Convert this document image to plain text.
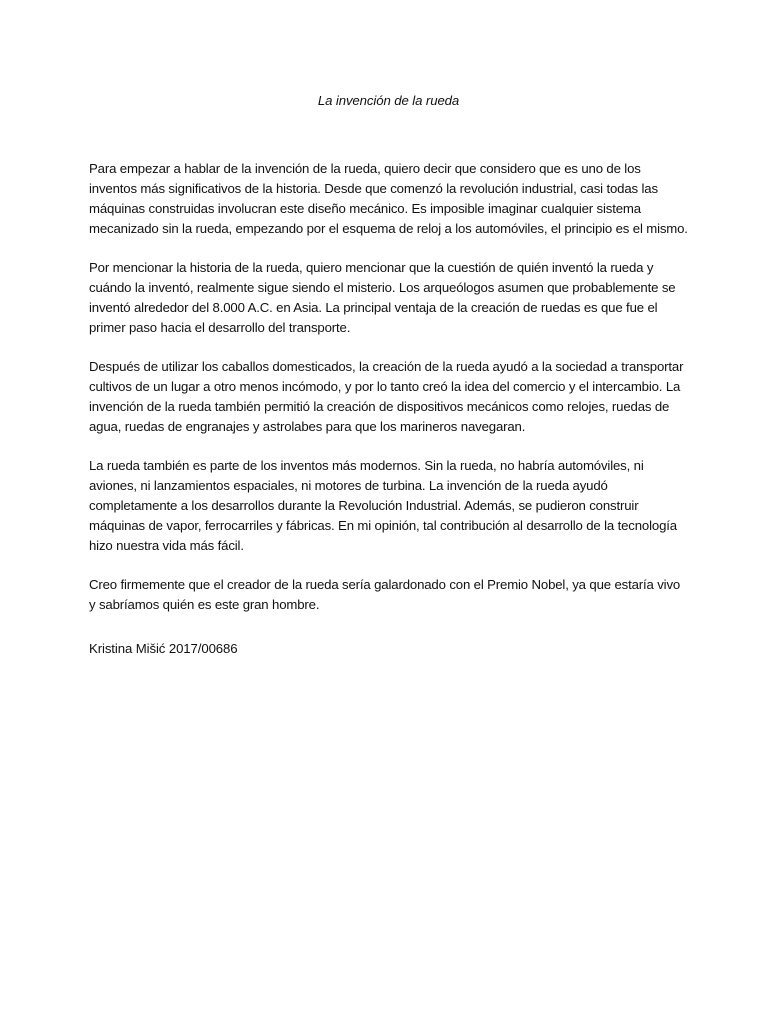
La invención de la rueda

Para empezar a hablar de la invención de la rueda, quiero decir que considero que es uno de los inventos más significativos de la historia. Desde que comenzó la revolución industrial, casi todas las máquinas construidas involucran este diseño mecánico. Es imposible imaginar cualquier sistema mecanizado sin la rueda, empezando por el esquema de reloj a los automóviles, el principio es el mismo.

Por mencionar la historia de la rueda, quiero mencionar que la cuestión de quién inventó la rueda y cuándo la inventó, realmente sigue siendo el misterio. Los arqueólogos asumen que probablemente se inventó alrededor del 8.000 A.C. en Asia. La principal ventaja de la creación de ruedas es que fue el primer paso hacia el desarrollo del transporte.

Después de utilizar los caballos domesticados, la creación de la rueda ayudó a la sociedad a transportar cultivos de un lugar a otro menos incómodo, y por lo tanto creó la idea del comercio y el intercambio. La invención de la rueda también permitió la creación de dispositivos mecánicos como relojes, ruedas de agua, ruedas de engranajes y astrolabes para que los marineros navegaran.

La rueda también es parte de los inventos más modernos. Sin la rueda, no habría automóviles, ni aviones, ni lanzamientos espaciales, ni motores de turbina. La invención de la rueda ayudó completamente a los desarrollos durante la Revolución Industrial. Además, se pudieron construir máquinas de vapor, ferrocarriles y fábricas. En mi opinión, tal contribución al desarrollo de la tecnología hizo nuestra vida más fácil.

Creo firmemente que el creador de la rueda sería galardonado con el Premio Nobel, ya que estaría vivo y sabríamos quién es este gran hombre.

Kristina Mišić 2017/00686
